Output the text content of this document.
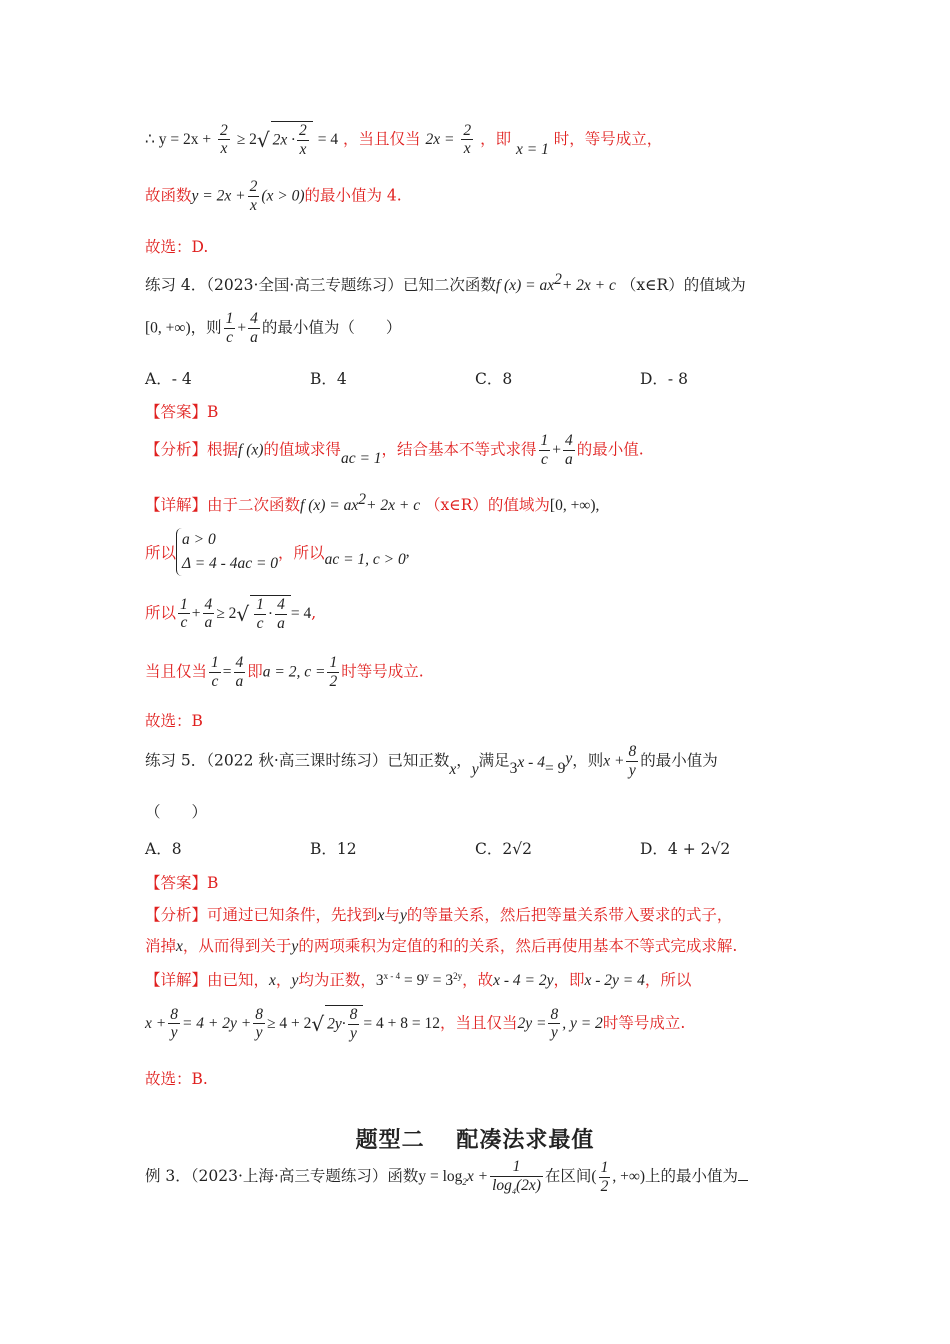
∴ $y = 2x + \frac{2}{x} \ge 2√$ $2x \cdot \frac{2}{x} = 4$ ，当且仅当 $2x = \frac{2}{x}$ ，即 x = 1 时，等号成立，
故函数$y = 2x + \frac{2}{x} (x > 0)$的最小值为 4.
故选：D.
练习 4．（2023·全国·高三专题练习）已知二次函数f $(x) = ax^2+ 2x + c$ （x∈R）的值域为
[0, +∞)，则 $\frac{1}{c} + \frac{4}{a}$ 的最小值为（　　）
A．- 4	B．4	C．8	D．- 8
【答案】B
【分析】根据f (x)的值域求得ac = 1，结合基本不等式求得 $\frac{1}{c} + \frac{4}{a}$ 的最小值.
【详解】由于二次函数f $(x) = ax^2+ 2x + c$ （x∈R）的值域为[0, +∞),
所以
a > 0
Δ = 4 - 4ac = 0
，所以ac = 1, c > 0,
所以 $\frac{1}{c} + \frac{4}{a} \ge 2√ \frac{1}{c} \cdot \frac{4}{a} = 4$,
当且仅当 $\frac{1}{c} = \frac{4}{a}$ 即a = 2, $c = \frac{1}{2}$ 时等号成立.
故选：B
练习 5．（2022 秋·高三课时练习）已知正数x，y满足$3^{x - 4}= 9^y$，则$x + \frac{8}{y}$ 的最小值为
（　　）
A．8	B．12	C．2√2	D．4 + 2√2
【答案】B
【分析】可通过已知条件，先找到x与y的等量关系，然后把等量关系带入要求的式子，
消掉x，从而得到关于y的两项乘积为定值的和的关系，然后再使用基本不等式完成求解.
【详解】由已知，x，y均为正数，$3^{x - 4} = 9^y = 3^{2y}$，故x - 4 = 2y，即x - 2y = 4，所以
$x + \frac{8}{y} = 4 + 2y + \frac{8}{y} \ge 4 + 2√$ $2y\cdot \frac{8}{y} = 4 + 8 = 12$，当且仅当$2y = \frac{8}{y}$ , y = 2时等号成立.
故选：B.
题型二　 配凑法求最值
例 3．（2023·上海·高三专题练习）函数$y = \log_2x + \frac{1}{\log_4(2x)}$ 在区间( $\frac{1}{2}$ , +∞)上的最小值为
